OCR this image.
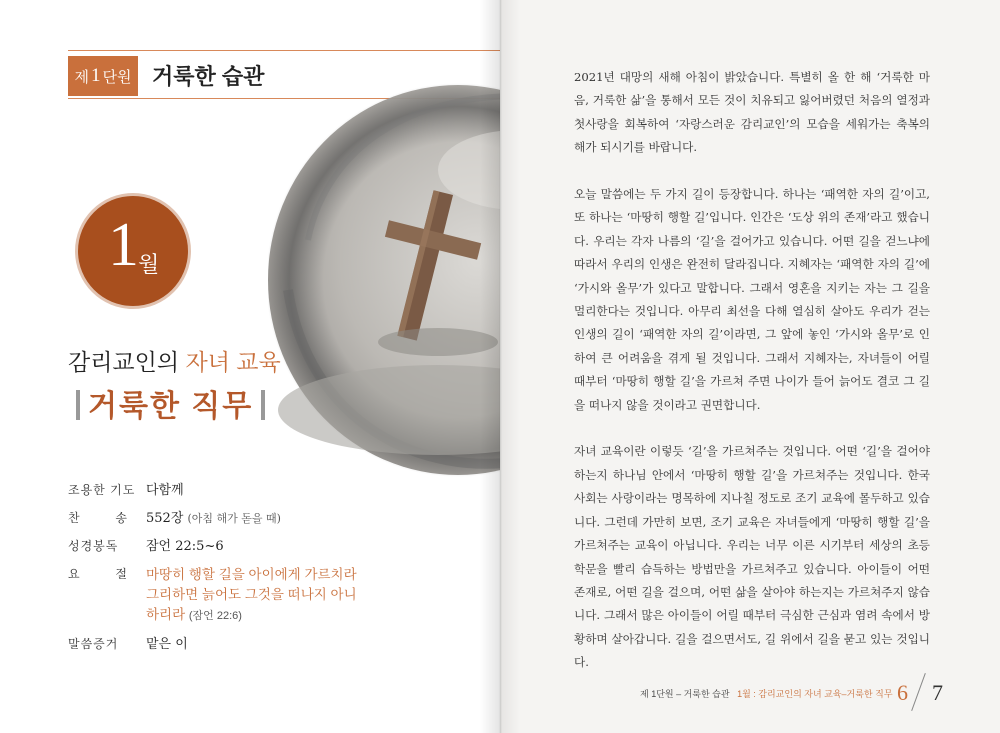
제 1 단원 거룩한 습관
1 월
감리교인의 자녀 교육
거룩한 직무
조용한 기도 다함께
찬	송 552장 (아침 해가 돋을 때)
성경봉독	잠언 22:5~6
요	절 마땅히 행할 길을 아이에게 가르치라
그리하면 늙어도 그것을 떠나지 아니
하리라 (잠언 22:6)
말씀증거	맡은 이

2021년 대망의 새해 아침이 밝았습니다. 특별히 올 한 해 ‘거룩한 마음, 거룩한 삶’을 통해서 모든 것이 치유되고 잃어버렸던 처음의 열정과 첫사랑을 회복하여 ‘자랑스러운 감리교인’의 모습을 세워가는 축복의 해가 되시기를 바랍니다.

오늘 말씀에는 두 가지 길이 등장합니다. 하나는 ‘패역한 자의 길’이고, 또 하나는 ‘마땅히 행할 길’입니다. 인간은 ‘도상 위의 존재’라고 했습니다. 우리는 각자 나름의 ‘길’을 걸어가고 있습니다. 어떤 길을 걷느냐에 따라서 우리의 인생은 완전히 달라집니다. 지혜자는 ‘패역한 자의 길’에 ‘가시와 올무’가 있다고 말합니다. 그래서 영혼을 지키는 자는 그 길을 멀리한다는 것입니다. 아무리 최선을 다해 열심히 살아도 우리가 걷는 인생의 길이 ‘패역한 자의 길’이라면, 그 앞에 놓인 ‘가시와 올무’로 인하여 큰 어려움을 겪게 될 것입니다. 그래서 지혜자는, 자녀들이 어릴 때부터 ‘마땅히 행할 길’을 가르쳐 주면 나이가 들어 늙어도 결코 그 길을 떠나지 않을 것이라고 권면합니다.

자녀 교육이란 이렇듯 ‘길’을 가르쳐주는 것입니다. 어떤 ‘길’을 걸어야 하는지 하나님 안에서 ‘마땅히 행할 길’을 가르쳐주는 것입니다. 한국 사회는 사랑이라는 명목하에 지나칠 정도로 조기 교육에 몰두하고 있습니다. 그런데 가만히 보면, 조기 교육은 자녀들에게 ‘마땅히 행할 길’을 가르쳐주는 교육이 아닙니다. 우리는 너무 이른 시기부터 세상의 초등학문을 빨리 습득하는 방법만을 가르쳐주고 있습니다. 아이들이 어떤 존재로, 어떤 길을 걸으며, 어떤 삶을 살아야 하는지는 가르쳐주지 않습니다. 그래서 많은 아이들이 어릴 때부터 극심한 근심과 염려 속에서 방황하며 살아갑니다. 길을 걸으면서도, 길 위에서 길을 묻고 있는 것입니다.

제 1단원 – 거룩한 습관 1월 : 감리교인의 자녀 교육–거룩한 직무 6 7
